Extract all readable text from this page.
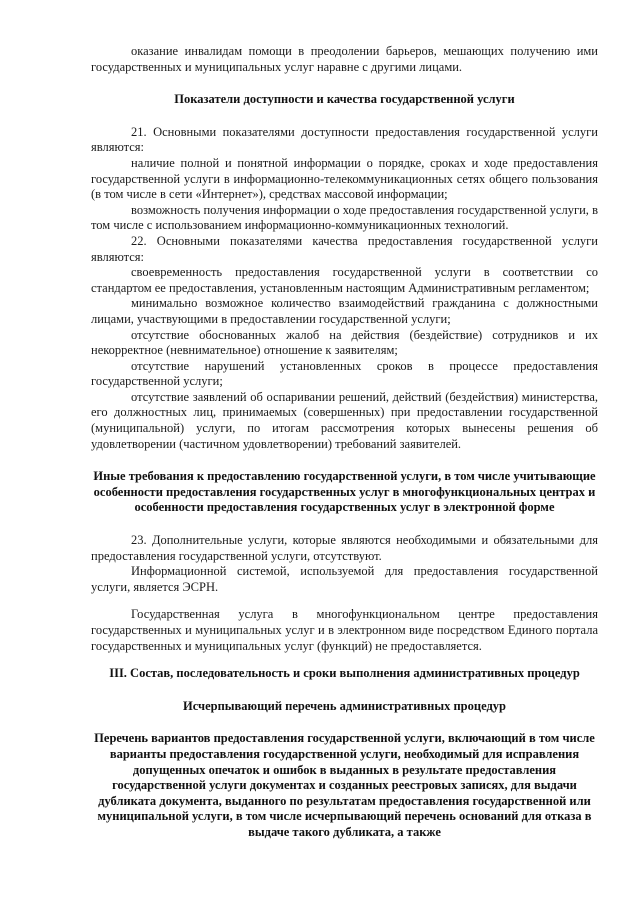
оказание инвалидам помощи в преодолении барьеров, мешающих получению ими государственных и муниципальных услуг наравне с другими лицами.

Показатели доступности и качества государственной услуги

21. Основными показателями доступности предоставления государственной услуги являются:

наличие полной и понятной информации о порядке, сроках и ходе предоставления государственной услуги в информационно-телекоммуникационных сетях общего пользования (в том числе в сети «Интернет»), средствах массовой информации;

возможность получения информации о ходе предоставления государственной услуги, в том числе с использованием информационно-коммуникационных технологий.

22. Основными показателями качества предоставления государственной услуги являются:

своевременность предоставления государственной услуги в соответствии со стандартом ее предоставления, установленным настоящим Административным регламентом;

минимально возможное количество взаимодействий гражданина с должностными лицами, участвующими в предоставлении государственной услуги;

отсутствие обоснованных жалоб на действия (бездействие) сотрудников и их некорректное (невнимательное) отношение к заявителям;

отсутствие нарушений установленных сроков в процессе предоставления государственной услуги;

отсутствие заявлений об оспаривании решений, действий (бездействия) министерства, его должностных лиц, принимаемых (совершенных) при предоставлении государственной (муниципальной) услуги, по итогам рассмотрения которых вынесены решения об удовлетворении (частичном удовлетворении) требований заявителей.

Иные требования к предоставлению государственной услуги, в том числе учитывающие особенности предоставления государственных услуг в многофункциональных центрах и особенности предоставления государственных услуг в электронной форме

23. Дополнительные услуги, которые являются необходимыми и обязательными для предоставления государственной услуги, отсутствуют.

Информационной системой, используемой для предоставления государственной услуги, является ЭСРН.

Государственная услуга в многофункциональном центре предоставления государственных и муниципальных услуг и в электронном виде посредством Единого портала государственных и муниципальных услуг (функций) не предоставляется.

III. Состав, последовательность и сроки выполнения административных процедур
Исчерпывающий перечень административных процедур

Перечень вариантов предоставления государственной услуги, включающий в том числе варианты предоставления государственной услуги, необходимый для исправления допущенных опечаток и ошибок в выданных в результате предоставления государственной услуги документах и созданных реестровых записях, для выдачи дубликата документа, выданного по результатам предоставления государственной или муниципальной услуги, в том числе исчерпывающий перечень оснований для отказа в выдаче такого дубликата, а также
